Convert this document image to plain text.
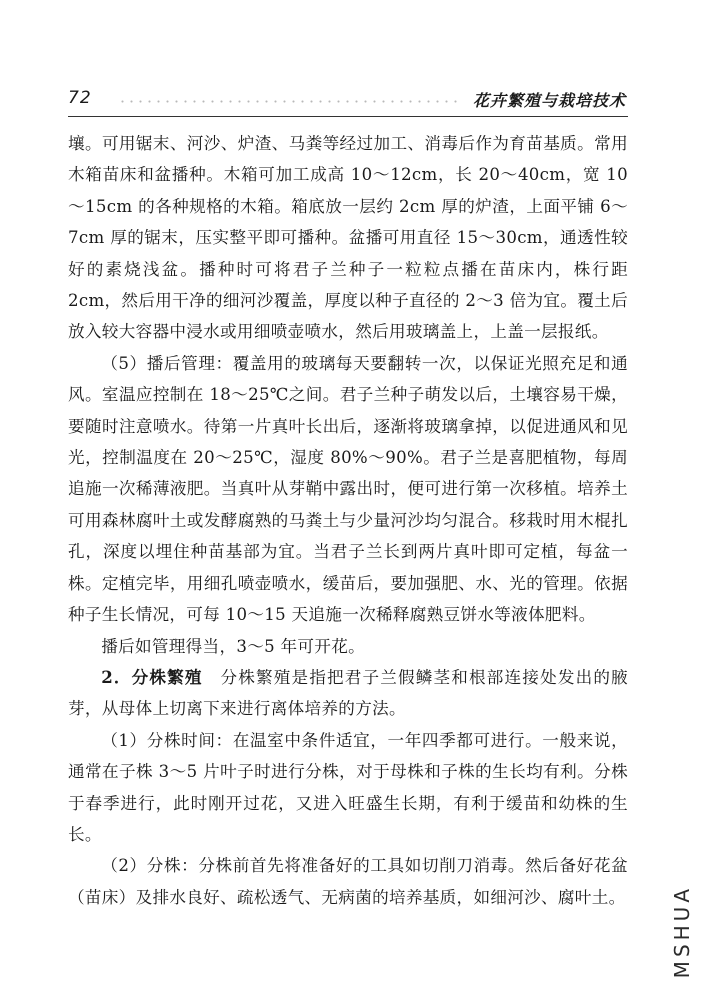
72	花卉繁殖与栽培技术

壤。可用锯末、河沙、炉渣、马粪等经过加工、消毒后作为育苗基质。常用木箱苗床和盆播种。木箱可加工成高 10～12cm，长 20～40cm，宽 10～15cm 的各种规格的木箱。箱底放一层约 2cm 厚的炉渣，上面平铺 6～7cm 厚的锯末，压实整平即可播种。盆播可用直径 15～30cm，通透性较好的素烧浅盆。播种时可将君子兰种子一粒粒点播在苗床内，株行距 2cm，然后用干净的细河沙覆盖，厚度以种子直径的 2～3 倍为宜。覆土后放入较大容器中浸水或用细喷壶喷水，然后用玻璃盖上，上盖一层报纸。

（5）播后管理：覆盖用的玻璃每天要翻转一次，以保证光照充足和通风。室温应控制在 18～25℃之间。君子兰种子萌发以后，土壤容易干燥，要随时注意喷水。待第一片真叶长出后，逐渐将玻璃拿掉，以促进通风和见光，控制温度在 20～25℃，湿度 80%～90%。君子兰是喜肥植物，每周追施一次稀薄液肥。当真叶从芽鞘中露出时，便可进行第一次移植。培养土可用森林腐叶土或发酵腐熟的马粪土与少量河沙均匀混合。移栽时用木棍扎孔，深度以埋住种苗基部为宜。当君子兰长到两片真叶即可定植，每盆一株。定植完毕，用细孔喷壶喷水，缓苗后，要加强肥、水、光的管理。依据种子生长情况，可每 10～15 天追施一次稀释腐熟豆饼水等液体肥料。

播后如管理得当，3～5 年可开花。

2．分株繁殖　 分株繁殖是指把君子兰假鳞茎和根部连接处发出的腋芽，从母体上切离下来进行离体培养的方法。

（1）分株时间：在温室中条件适宜，一年四季都可进行。一般来说，通常在子株 3～5 片叶子时进行分株，对于母株和子株的生长均有利。分株于春季进行，此时刚开过花，又进入旺盛生长期，有利于缓苗和幼株的生长。

（2）分株：分株前首先将准备好的工具如切削刀消毒。然后备好花盆（苗床）及排水良好、疏松透气、无病菌的培养基质，如细河沙、腐叶土。 MSHUA
